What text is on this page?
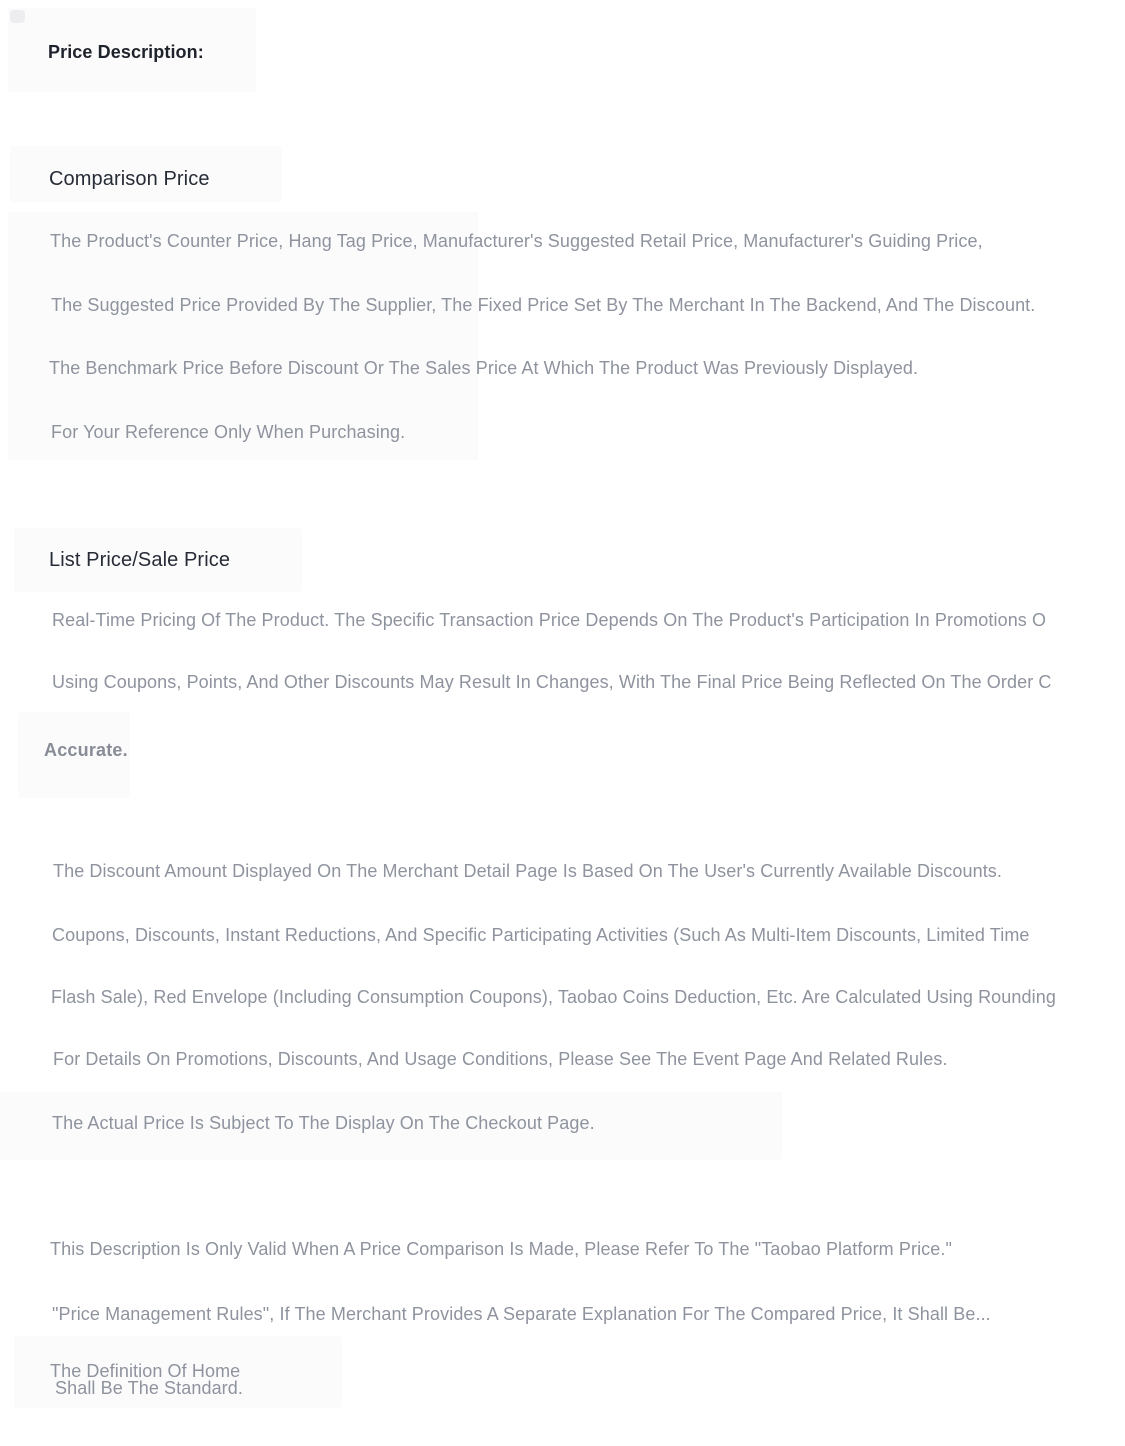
Price Description:
Comparison Price

The Product's Counter Price, Hang Tag Price, Manufacturer's Suggested Retail Price, Manufacturer's Guiding Price,

The Suggested Price Provided By The Supplier, The Fixed Price Set By The Merchant In The Backend, And The Discount.

The Benchmark Price Before Discount Or The Sales Price At Which The Product Was Previously Displayed.

For Your Reference Only When Purchasing.

List Price/Sale Price

Real-Time Pricing Of The Product. The Specific Transaction Price Depends On The Product's Participation In Promotions O

Using Coupons, Points, And Other Discounts May Result In Changes, With The Final Price Being Reflected On The Order C

Accurate.

The Discount Amount Displayed On The Merchant Detail Page Is Based On The User's Currently Available Discounts.

Coupons, Discounts, Instant Reductions, And Specific Participating Activities (Such As Multi-Item Discounts, Limited Time

Flash Sale), Red Envelope (Including Consumption Coupons), Taobao Coins Deduction, Etc. Are Calculated Using Rounding

For Details On Promotions, Discounts, And Usage Conditions, Please See The Event Page And Related Rules.

The Actual Price Is Subject To The Display On The Checkout Page.

This Description Is Only Valid When A Price Comparison Is Made, Please Refer To The "Taobao Platform Price."

"Price Management Rules", If The Merchant Provides A Separate Explanation For The Compared Price, It Shall Be...

The Definition Of Home

Shall Be The Standard.
